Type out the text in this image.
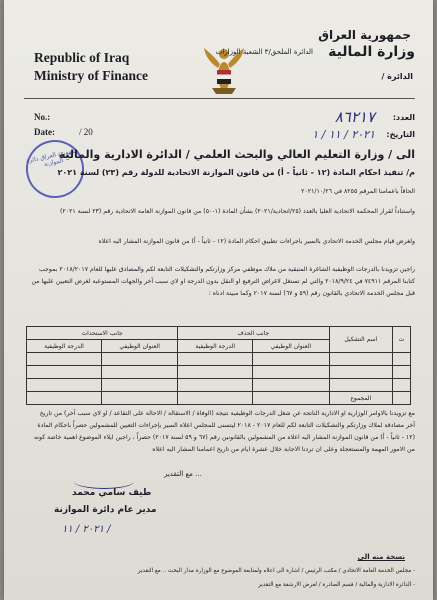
Republic of Iraq
Ministry of Finance
جمهورية العراق
وزارة المالية
الدائرة الملحق/٣ الشعبة الوزارات
الدائرة /
No.:
Date:	/ 20
العدد:
٨٦٢١٧
التاريخ:
٢٠٢١ / ١١ / ١
جمهورية العراق دائرة الموازنة
الى / وزارة التعليم العالي والبحث العلمي / الدائرة الادارية والمالية
م/ تنفيذ احكام المادة (١٢ - ثانياً - أ) من قانون الموازنة الاتحادية للدولة رقم (٢٣) لسنة ٢٠٢١
الحاقاً باعمامنا المرقم ٨٢٥٥ في ٢٠٢١/١٠/٢٦
واستناداً لقرار المحكمة الاتحادية العليا بالعدد (٢٥/اتحادية/٢٠٢١) بشأن المادة (١-٥٠) من قانون الموازنة العامة الاتحادية رقم (٢٣ لسنة ٢٠٢١)
ولغرض قيام مجلس الخدمة الاتحادي بالسير باجراءات تطبيق احكام المادة (١٢ - ثانياً - أ) من قانون الموازنة المشار اليه اعلاه
راجين تزويدنا بالدرجات الوظيفية الشاغرة المتبقية من ملاك موظفي مركز وزارتكم والتشكيلات التابعة لكم والمصادق عليها للعام ٢٠١٨/٢٠١٧ بموجب كتابنا المرقم ٧٤٩١١ في ٢٠١٨/٩/٢٤ والتي لم تستغل لاغراض الترفيع او النقل بدون الدرجة او لاي سبب آخر والجهات المستوعبة لغرض التعيين عليها من قبل مجلس الخدمة الاتحادي بالقانون رقم (٥٩ و ٦٧) لسنة ٢٠١٧ وكما مبينة ادناه :
ت	اسم التشكيل	جانب الحذف		جانب الاستحداث	
		العنوان الوظيفي	الدرجة الوظيفية	العنوان الوظيفي	الدرجة الوظيفية

	المجموع				
مع تزويدنا بالاوامر الوزارية او الادارية الناتجة عن شغل الدرجات الوظيفية نتيجة (الوفاة / الاستقالة / الاحالة على التقاعد / او لاي سبب آخر) من تاريخ آخر مصادقة لملاك وزارتكم والتشكيلات التابعة لكم للعام ٢٠١٧ - ٢٠١٨ ليتسنى للمجلس اعلاه السير بإجراءات التعيين للمشمولين حصراً باحكام المادة (١٢ - ثانياً - أ) من قانون الموازنة المشار اليه اعلاه من المشمولين بالقانونين رقم (٦٧ و ٥٩ لسنة ٢٠١٧) حصراً ، راجين ايلاء الموضوع اهمية خاصة كونه من الامور المهمة والمستعجلة وعلى ان تردنا الاجابة خلال عشرة ايام من تاريخ اعمامنا المشار اليه اعلاه
... مع التقدير
طيف سامي محمد
مدير عام دائرة الموازنة
٢٠٢١ / ١١ /
نسخة منه الى
- مجلس الخدمة العامة الاتحادي / مكتب الرئيس / اشارة الى اعلاه ولمتابعة الموضوع مع الوزارة مدار البحث .. مع التقدير
- الدائرة الادارية والمالية / قسم الصادرة / لغرض الارشفة مع التقدير
